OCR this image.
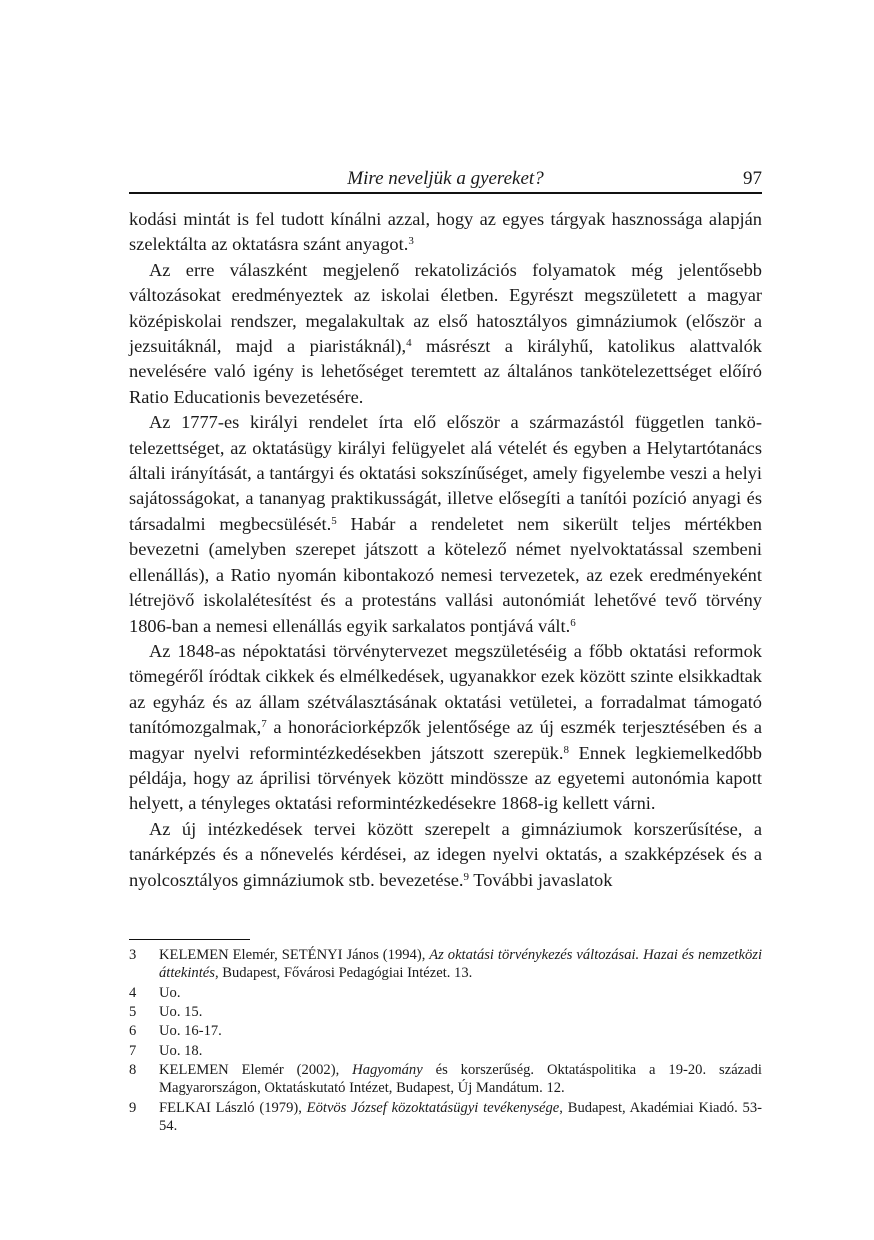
Mire neveljük a gyereket?	97

kodási mintát is fel tudott kínálni azzal, hogy az egyes tárgyak hasznossága alapján szelektálta az oktatásra szánt anyagot.$^3$

Az erre válaszként megjelenő rekatolizációs folyamatok még jelentősebb változásokat eredményeztek az iskolai életben. Egyrészt megszületett a magyar középiskolai rendszer, megalakultak az első hatosztályos gimnáziumok (először a jezsuitáknál, majd a piaristáknál),$^4$ másrészt a királyhű, katolikus alattvalók nevelésére való igény is lehetőséget teremtett az általános tankötelezettséget előíró Ratio Educationis bevezetésére.

Az 1777-es királyi rendelet írta elő először a származástól független tankötelezettséget, az oktatásügy királyi felügyelet alá vételét és egyben a Helytartótanács általi irányítását, a tantárgyi és oktatási sokszínűséget, amely figyelembe veszi a helyi sajátosságokat, a tananyag praktikusságát, illetve elősegíti a tanítói pozíció anyagi és társadalmi megbecsülését.$^5$ Habár a rendeletet nem sikerült teljes mértékben bevezetni (amelyben szerepet játszott a kötelező német nyelvoktatással szembeni ellenállás), a Ratio nyomán kibontakozó nemesi tervezetek, az ezek eredményeként létrejövő iskolalétesítést és a protestáns vallási autonómiát lehetővé tevő törvény 1806-ban a nemesi ellenállás egyik sarkalatos pontjává vált.$^6$

Az 1848-as népoktatási törvénytervezet megszületéséig a főbb oktatási reformok tömegéről íródtak cikkek és elmélkedések, ugyanakkor ezek között szinte elsikkadtak az egyház és az állam szétválasztásának oktatási vetületei, a forradalmat támogató tanítómozgalmak,$^7$ a honoráciorképzők jelentősége az új eszmék terjesztésében és a magyar nyelvi reformintézkedésekben játszott szerepük.$^8$ Ennek legkiemelkedőbb példája, hogy az áprilisi törvények között mindössze az egyetemi autonómia kapott helyett, a tényleges oktatási reformintézkedésekre 1868-ig kellett várni.

Az új intézkedések tervei között szerepelt a gimnáziumok korszerűsítése, a tanárképzés és a nőnevelés kérdései, az idegen nyelvi oktatás, a szakképzések és a nyolcosztályos gimnáziumok stb. bevezetése.$^9$ További javaslatok

3	KELEMEN Elemér, SETÉNYI János (1994), Az oktatási törvénykezés változásai. Hazai és nemzetközi áttekintés, Budapest, Fővárosi Pedagógiai Intézet. 13.
4	Uo.
5	Uo. 15.
6	Uo. 16-17.
7	Uo. 18.
8	KELEMEN Elemér (2002), Hagyomány és korszerűség. Oktatáspolitika a 19-20. századi Magyarországon, Oktatáskutató Intézet, Budapest, Új Mandátum. 12.
9	FELKAI László (1979), Eötvös József közoktatásügyi tevékenysége, Budapest, Akadémiai Kiadó. 53-54.
